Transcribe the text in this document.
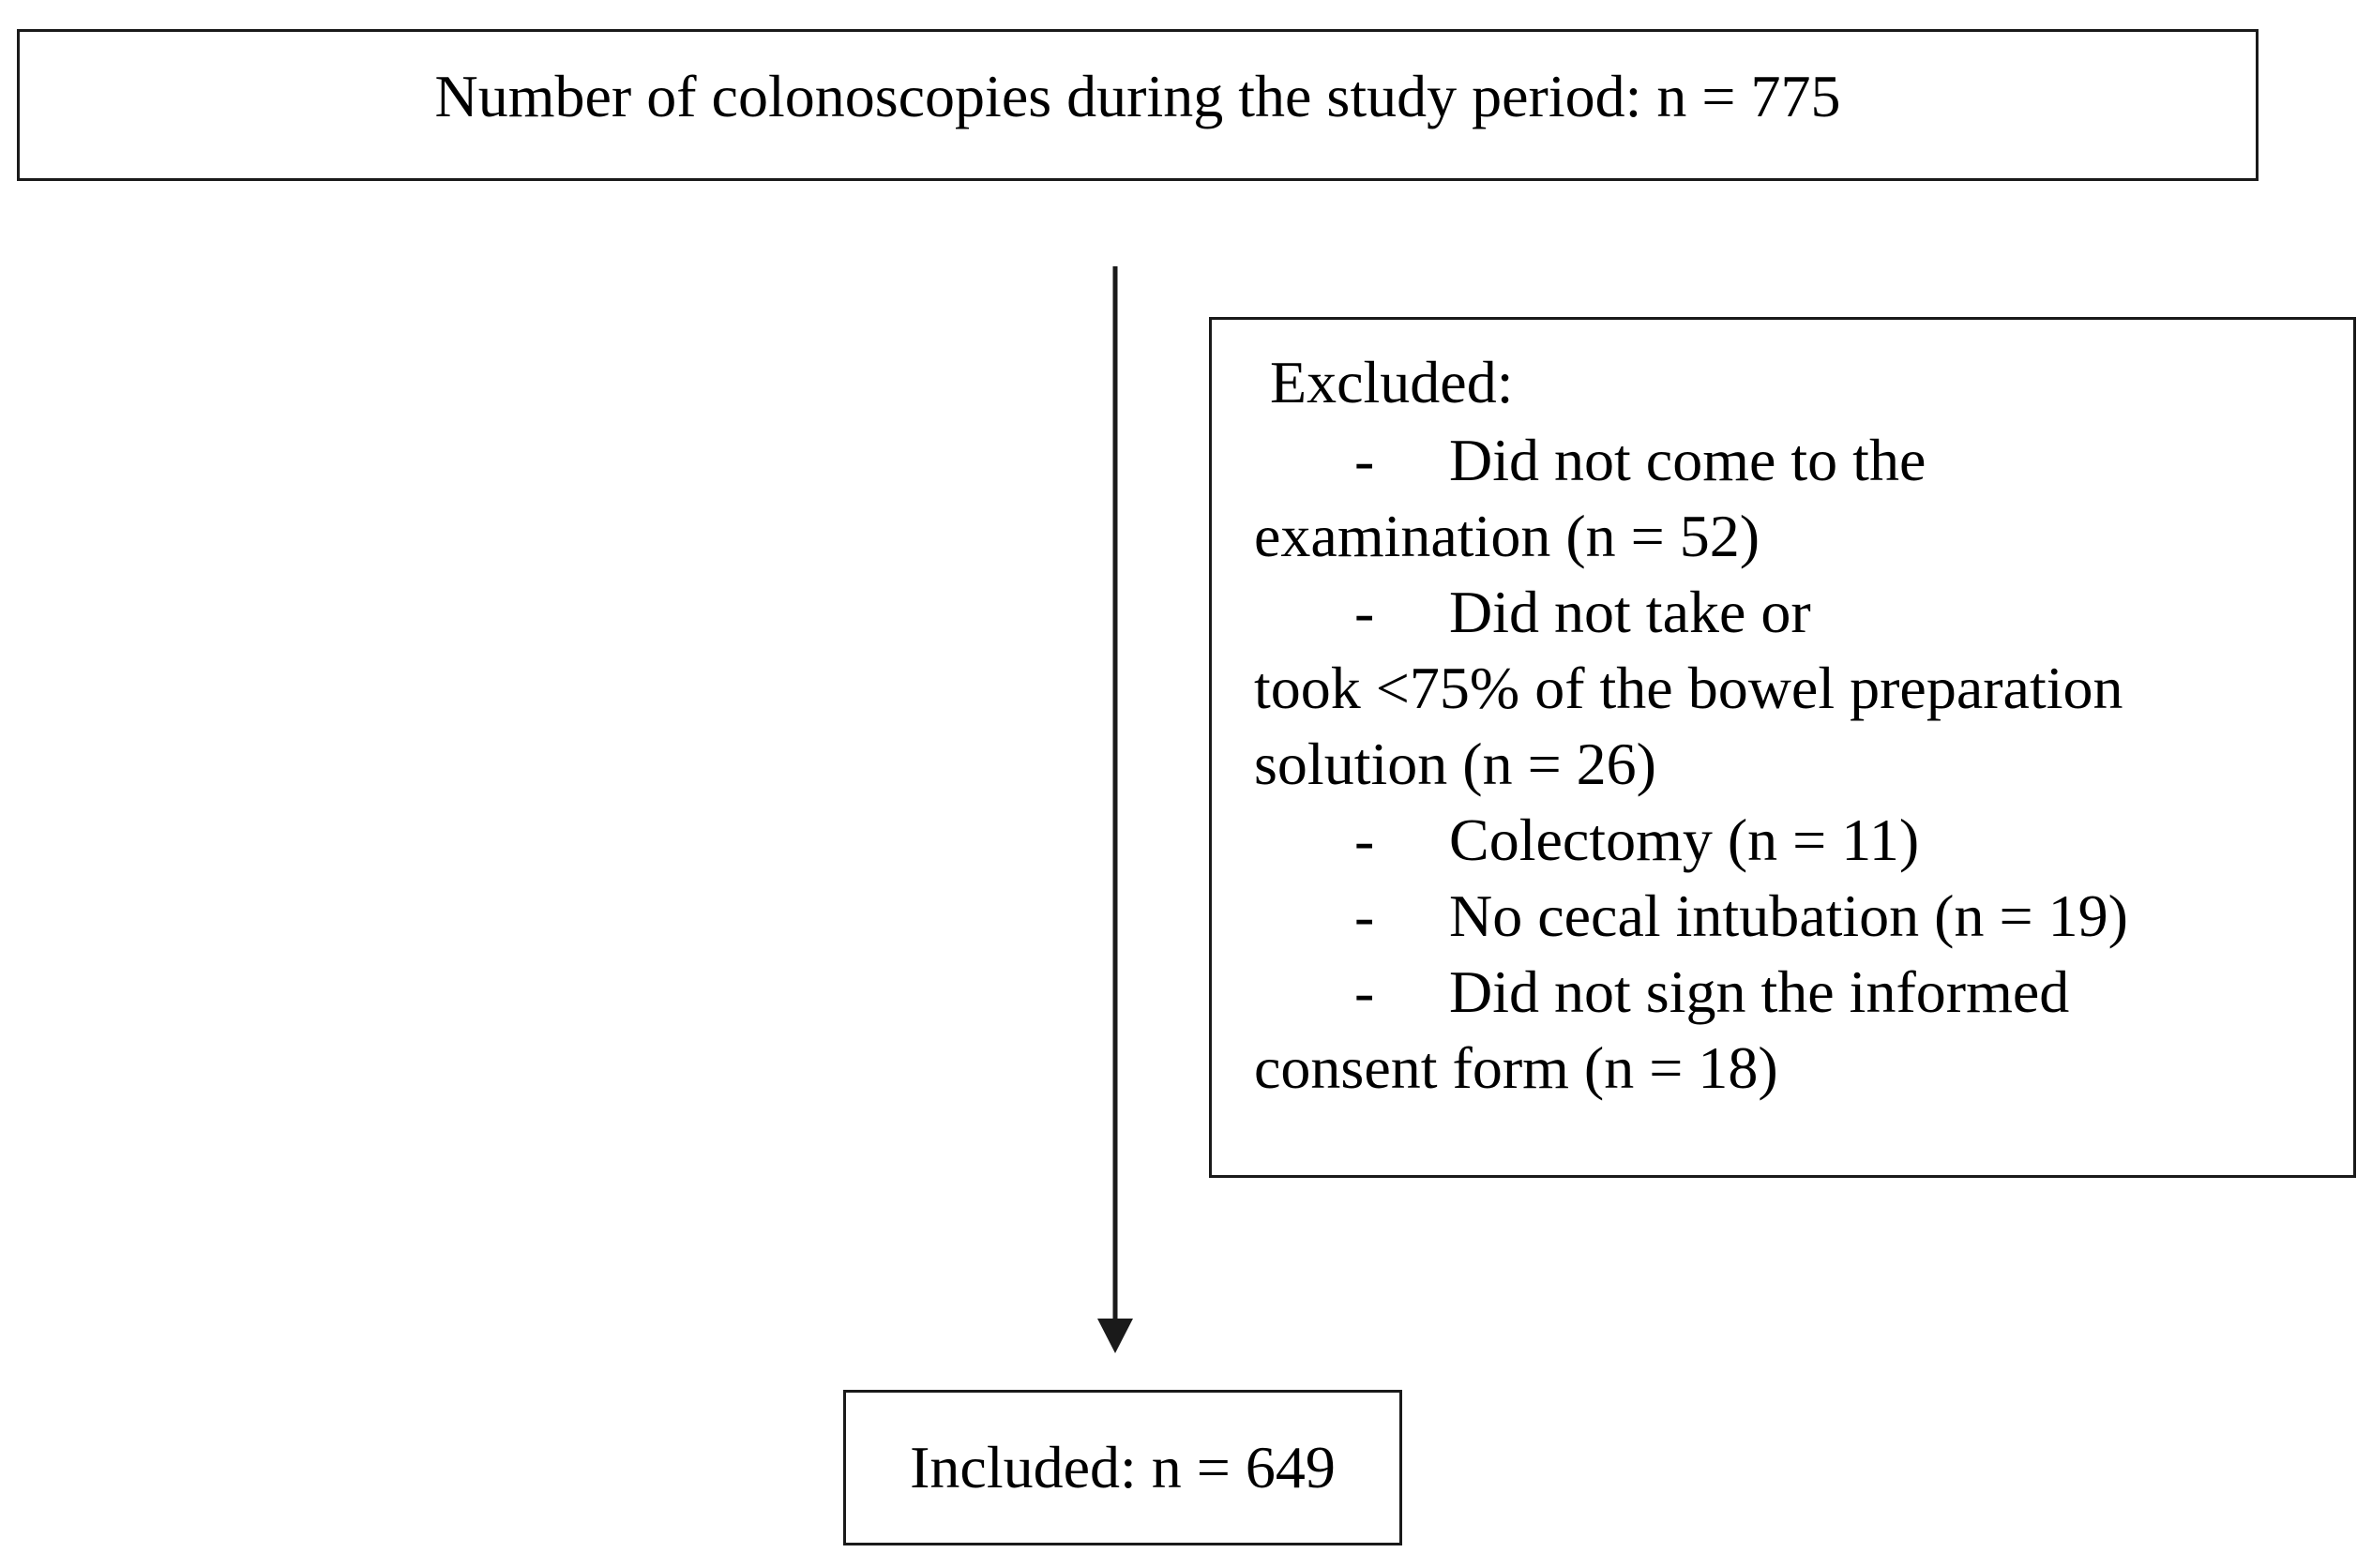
Number of colonoscopies during the study period: n = 775
Excluded:
- Did not come to the
examination (n = 52)
- Did not take or
took <75% of the bowel preparation
solution (n = 26)
- Colectomy (n = 11)
- No cecal intubation (n = 19)
- Did not sign the informed
consent form (n = 18)
Included: n = 649
